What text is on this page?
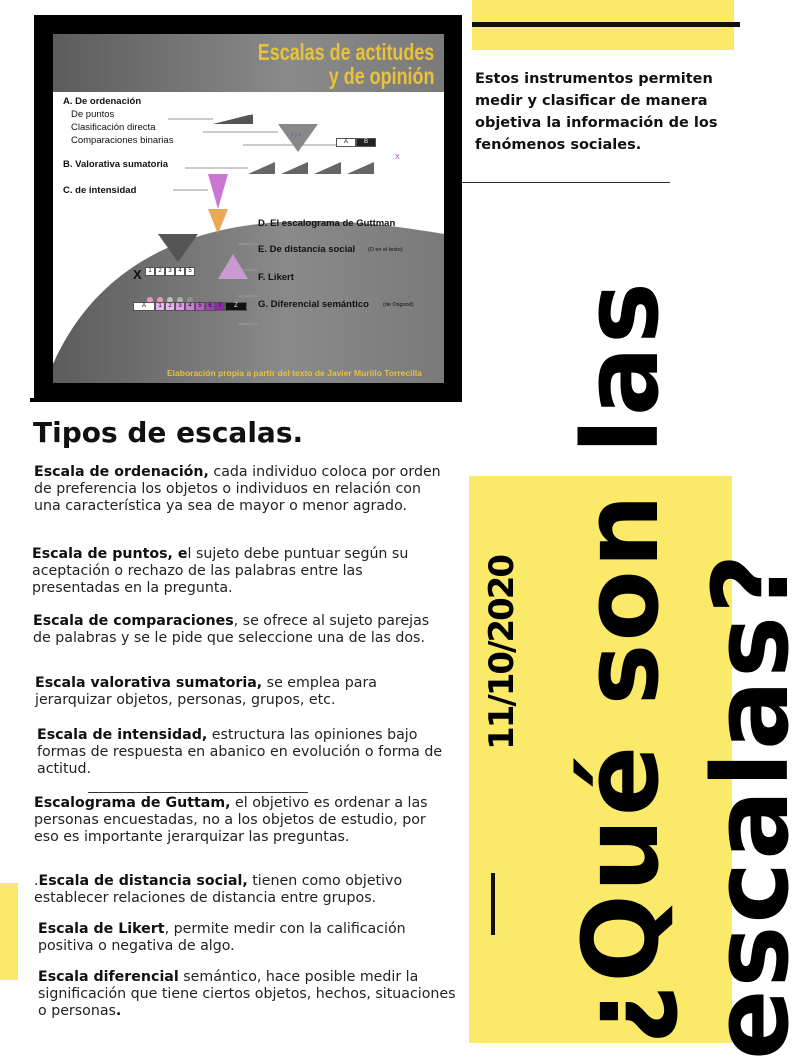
Escalas de actitudes
y de opinión
A. De ordenación
De puntos
Clasificación directa
Comparaciones binarias
B. Valorativa sumatoria
C. de intensidad
0, 1...10
A	B
0, 1...10
x y z
X
D. El escalograma de Guttman
E. De distancia social (D en el texto)
F. Likert
G. Diferencial semántico	(de Osgood)
X	1	2	3	4	5
A	1	2	3	4	5	6	7	Z
Elaboración propia a partir del texto de Javier Murillo Torrecilla

Estos instrumentos permiten medir y clasificar de manera objetiva la información de los fenómenos sociales.

¿Qué son las escalas?
11/10/2020
Tipos de escalas.

Escala de ordenación, cada individuo coloca por orden de preferencia los objetos o individuos en relación con una característica ya sea de mayor o menor agrado.

Escala de puntos, el sujeto debe puntuar según su aceptación o rechazo de las palabras entre las presentadas en la pregunta.

Escala de comparaciones, se ofrece al sujeto parejas de palabras y se le pide que seleccione una de las dos.

Escala valorativa sumatoria, se emplea para jerarquizar objetos, personas, grupos, etc.

Escala de intensidad, estructura las opiniones bajo formas de respuesta en abanico en evolución o forma de actitud.

Escalograma de Guttam, el objetivo es ordenar a las personas encuestadas, no a los objetos de estudio, por eso es importante jerarquizar las preguntas.

.Escala de distancia social, tienen como objetivo establecer relaciones de distancia entre grupos.

Escala de Likert, permite medir con la calificación positiva o negativa de algo.

Escala diferencial semántico, hace posible medir la significación que tiene ciertos objetos, hechos, situaciones o personas.
